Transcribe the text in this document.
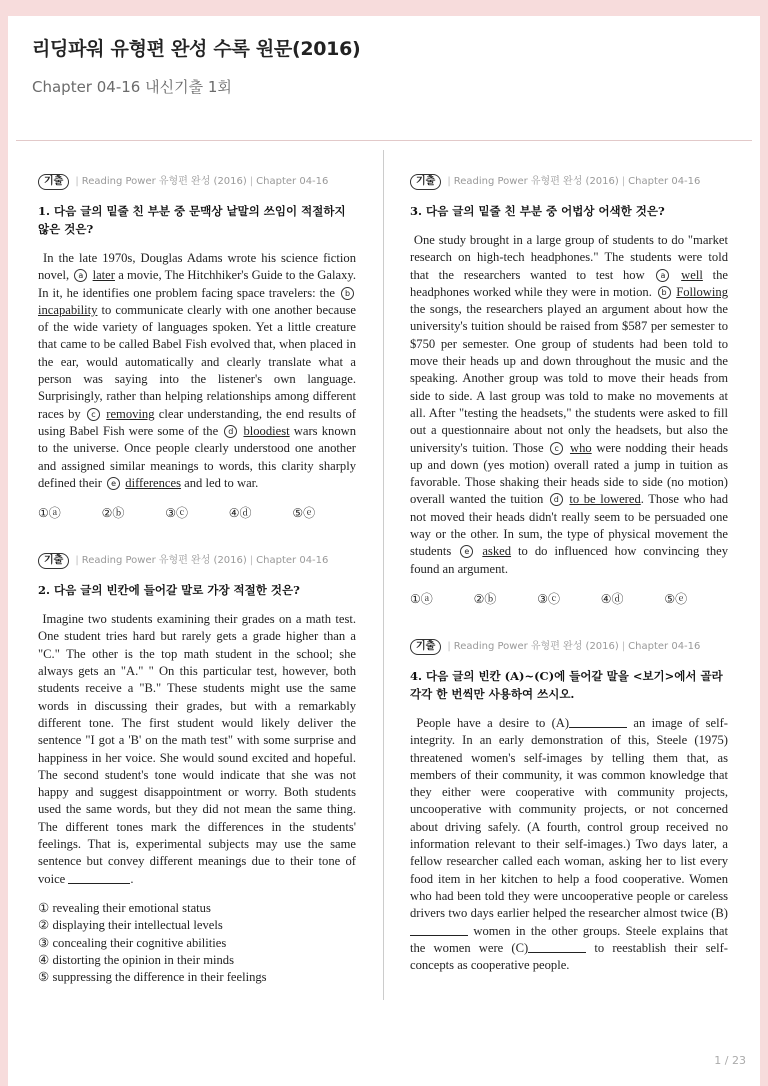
리딩파워 유형편 완성 수록 원문(2016)
Chapter 04-16 내신기출 1회
기출 | Reading Power 유형편 완성 (2016) | Chapter 04-16
1. 다음 글의 밑줄 친 부분 중 문맥상 낱말의 쓰임이 적절하지 않은 것은?
In the late 1970s, Douglas Adams wrote his science fiction novel, a later a movie, The Hitchhiker's Guide to the Galaxy. In it, he identifies one problem facing space travelers: the b incapability to communicate clearly with one another because of the wide variety of languages spoken. Yet a little creature that came to be called Babel Fish evolved that, when placed in the ear, would automatically and clearly translate what a person was saying into the listener's own language. Surprisingly, rather than helping relationships among different races by c removing clear understanding, the end results of using Babel Fish were some of the d bloodiest wars known to the universe. Once people clearly understood one another and assigned similar meanings to words, this clarity sharply defined their e differences and led to war.
①ⓐ	②ⓑ	③ⓒ	④ⓓ	⑤ⓔ
기출 | Reading Power 유형편 완성 (2016) | Chapter 04-16
2. 다음 글의 빈칸에 들어갈 말로 가장 적절한 것은?
Imagine two students examining their grades on a math test. One student tries hard but rarely gets a grade higher than a "C." The other is the top math student in the school; she always gets an "A." " On this particular test, however, both students receive a "B." These students might use the same words in discussing their grades, but with a remarkably different tone. The first student would likely deliver the sentence "I got a 'B' on the math test" with some surprise and happiness in her voice. She would sound excited and hopeful. The second student's tone would indicate that she was not happy and suggest disappointment or worry. Both students used the same words, but they did not mean the same thing. The different tones mark the differences in the students' feelings. That is, experimental subjects may use the same sentence but convey different meanings due to their tone of voice	.
① revealing their emotional status
② displaying their intellectual levels
③ concealing their cognitive abilities
④ distorting the opinion in their minds
⑤ suppressing the difference in their feelings
기출 | Reading Power 유형편 완성 (2016) | Chapter 04-16
3. 다음 글의 밑줄 친 부분 중 어법상 어색한 것은?
One study brought in a large group of students to do "market research on high-tech headphones." The students were told that the researchers wanted to test how a well the headphones worked while they were in motion. b Following the songs, the researchers played an argument about how the university's tuition should be raised from $587 per semester to $750 per semester. One group of students had been told to move their heads up and down throughout the music and the speaking. Another group was told to move their heads from side to side. A last group was told to make no movements at all. After "testing the headsets," the students were asked to fill out a questionnaire about not only the headsets, but also the university's tuition. Those c who were nodding their heads up and down (yes motion) overall rated a jump in tuition as favorable. Those shaking their heads side to side (no motion) overall wanted the tuition d to be lowered. Those who had not moved their heads didn't really seem to be persuaded one way or the other. In sum, the type of physical movement the students e asked to do influenced how convincing they found an argument.
①ⓐ	②ⓑ	③ⓒ	④ⓓ	⑤ⓔ
기출 | Reading Power 유형편 완성 (2016) | Chapter 04-16
4. 다음 글의 빈칸 (A)~(C)에 들어갈 말을 <보기>에서 골라 각각 한 번씩만 사용하여 쓰시오.
People have a desire to (A)	an image of self-integrity. In an early demonstration of this, Steele (1975) threatened women's self-images by telling them that, as members of their community, it was common knowledge that they either were cooperative with community projects, uncooperative with community projects, or not concerned about driving safely. (A fourth, control group received no information relevant to their self-images.) Two days later, a fellow researcher called each woman, asking her to list every food item in her kitchen to help a food cooperative. Women who had been told they were uncooperative people or careless drivers two days earlier helped the researcher almost twice (B) women in the other groups. Steele explains that the women were (C)	to reestablish their self-concepts as cooperative people.
1 / 23
